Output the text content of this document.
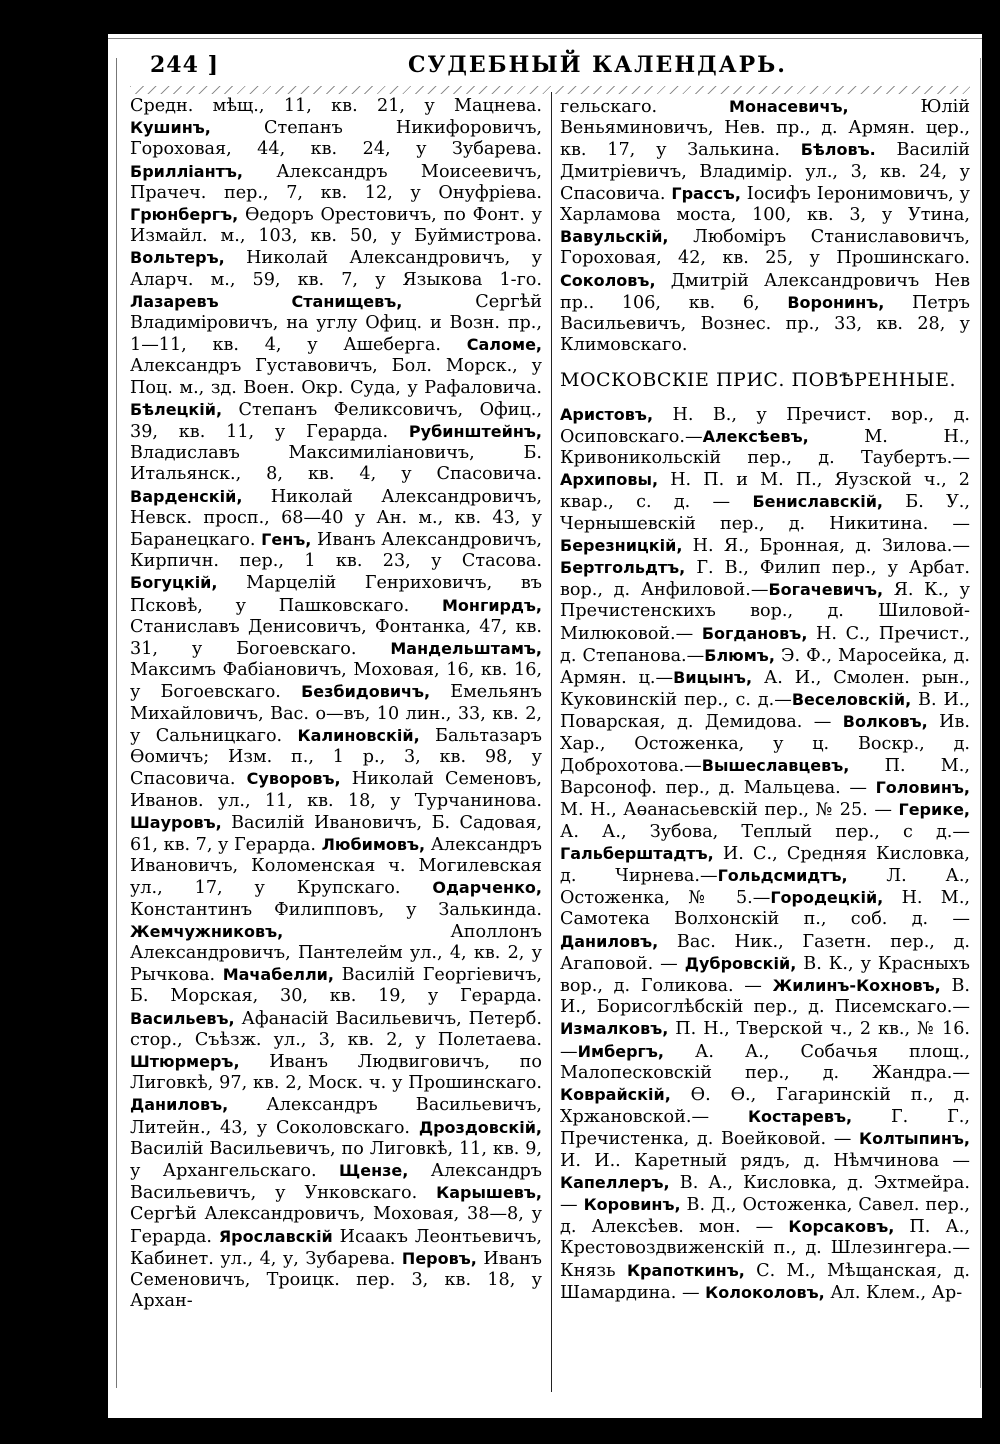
244 ]	СУДЕБНЫЙ КАЛЕНДАРЬ.

Средн. мѣщ., 11, кв. 21, у Мацнева. Кушинъ, Степанъ Никифоровичъ, Гороховая, 44, кв. 24, у Зубарева. Бриллiантъ, Александръ Моисеевичъ, Прачеч. пер., 7, кв. 12, у Онуфрiева. Грюнбергъ, Өедоръ Орестовичъ, по Фонт. у Измайл. м., 103, кв. 50, у Буймистрова. Вольтеръ, Николай Александровичъ, у Аларч. м., 59, кв. 7, у Языкова 1-го. Лазаревъ Станищевъ, Сергѣй Владимiровичъ, на углу Офиц. и Возн. пр., 1—11, кв. 4, у Ашеберга. Саломе, Александръ Густавовичъ, Бол. Морск., у Поц. м., зд. Воен. Окр. Суда, у Рафаловича. Бѣлецкiй, Степанъ Феликсовичъ, Офиц., 39, кв. 11, у Герарда. Рубинштейнъ, Владиславъ Максимилiановичъ, Б. Итальянск., 8, кв. 4, у Спасовича. Варденскiй, Николай Александровичъ, Невск. просп., 68—40 у Ан. м., кв. 43, у Баранецкаго. Генъ, Иванъ Александровичъ, Кирпичн. пер., 1 кв. 23, у Стасова. Богуцкiй, Марцелiй Генриховичъ, въ Псковѣ, у Пашковскаго. Монгирдъ, Станиславъ Денисовичъ, Фонтанка, 47, кв. 31, у Богоевскаго. Мандельштамъ, Максимъ Фабiановичъ, Моховая, 16, кв. 16, у Богоевскаго. Безбидовичъ, Емельянъ Михайловичъ, Вас. о—въ, 10 лин., 33, кв. 2, у Сальницкаго. Калиновскiй, Бальтазаръ Өомичъ; Изм. п., 1 р., 3, кв. 98, у Спасовича. Суворовъ, Николай Семеновъ, Иванов. ул., 11, кв. 18, у Турчанинова. Шауровъ, Василiй Ивановичъ, Б. Садовая, 61, кв. 7, у Герарда. Любимовъ, Александръ Ивановичъ, Коломенская ч. Могилевская ул., 17, у Крупскаго. Одарченко, Константинъ Филипповъ, у Залькинда. Жемчужниковъ, Аполлонъ Александровичъ, Пантелейм ул., 4, кв. 2, у Рычкова. Мачабелли, Василiй Георгiевичъ, Б. Морская, 30, кв. 19, у Герарда. Васильевъ, Афанасiй Васильевичъ, Петерб. стор., Съѣзж. ул., 3, кв. 2, у Полетаева. Штюрмеръ, Иванъ Людвиговичъ, по Лиговкѣ, 97, кв. 2, Моск. ч. у Прошинскаго. Даниловъ, Александръ Васильевичъ, Литейн., 43, у Соколовскаго. Дроздовскiй, Василiй Васильевичъ, по Лиговкѣ, 11, кв. 9, у Архангельскаго. Щензе, Александръ Васильевичъ, у Унковскаго. Карышевъ, Сергѣй Александровичъ, Моховая, 38—8, у Герарда. Ярославскiй Исаакъ Леонтьевичъ, Кабинет. ул., 4, у, Зубарева. Перовъ, Иванъ Семеновичъ, Троицк. пер. 3, кв. 18, у Архан-

гельскаго. Монасевичъ, Юлiй Веньяминовичъ, Нев. пр., д. Армян. цер., кв. 17, у Залькина. Бѣловъ. Василiй Дмитрiевичъ, Владимiр. ул., 3, кв. 24, у Спасовича. Грассъ, Iосифъ Iеронимовичъ, у Харламова моста, 100, кв. 3, у Утина, Вавульскiй, Любомiръ Станиславовичъ, Гороховая, 42, кв. 25, у Прошинскаго. Соколовъ, Дмитрiй Александровичъ Нев пр.. 106, кв. 6, Воронинъ, Петръ Васильевичъ, Вознес. пр., 33, кв. 28, у Климовскаго.

МОСКОВСКIЕ ПРИС. ПОВѢРЕННЫЕ.

Аристовъ, Н. В., у Пречист. вор., д. Осиповскаго.—Алексѣевъ, М. Н., Кривоникольскiй пер., д. Таубертъ.—Архиповы, Н. П. и М. П., Яузской ч., 2 квар., с. д. — Бениславскiй, Б. У., Чернышевскiй пер., д. Никитина. — Березницкiй, Н. Я., Бронная, д. Зилова.—Бертгольдтъ, Г. В., Филип пер., у Арбат. вор., д. Анфиловой.—Богачевичъ, Я. К., у Пречистенскихъ вор., д. Шиловой-Милюковой.— Богдановъ, Н. С., Пречист., д. Степанова.—Блюмъ, Э. Ф., Маросейка, д. Армян. ц.—Вицынъ, А. И., Смолен. рын., Куковинскiй пер., с. д.—Веселовскiй, В. И., Поварская, д. Демидова. — Волковъ, Ив. Хар., Остоженка, у ц. Воскр., д. Доброхотова.—Вышеславцевъ, П. М., Варсоноф. пер., д. Мальцева. — Головинъ, М. Н., Аөанасьевскiй пер., № 25. — Герике, А. А., Зубова, Теплый пер., с д.—Гальберштадтъ, И. С., Средняя Кисловка, д. Чирнева.—Гольдсмидтъ, Л. А., Остоженка, № 5.—Городецкiй, Н. М., Самотека Волхонскiй п., соб. д. — Даниловъ, Вас. Ник., Газетн. пер., д. Агаповой. — Дубровскiй, В. К., у Красныхъ вор., д. Голикова. — Жилинъ-Кохновъ, В. И., Борисоглѣбскiй пер., д. Писемскаго.—Измалковъ, П. Н., Тверской ч., 2 кв., № 16.—Имбергъ, А. А., Собачья площ., Малопесковскiй пер., д. Жандра.—Коврайскiй, Ө. Ө., Гагаринскiй п., д. Хржановской.— Костаревъ, Г. Г., Пречистенка, д. Воейковой. — Колтыпинъ, И. И.. Каретный рядъ, д. Нѣмчинова — Капеллеръ, В. А., Кисловка, д. Эхтмейра. — Коровинъ, В. Д., Остоженка, Савел. пер., д. Алексѣев. мон. — Корсаковъ, П. А., Крестовоздвиженскiй п., д. Шлезингера.—Князь Крапоткинъ, С. М., Мѣщанская, д. Шамардина. — Колоколовъ, Ал. Клем., Ар-
